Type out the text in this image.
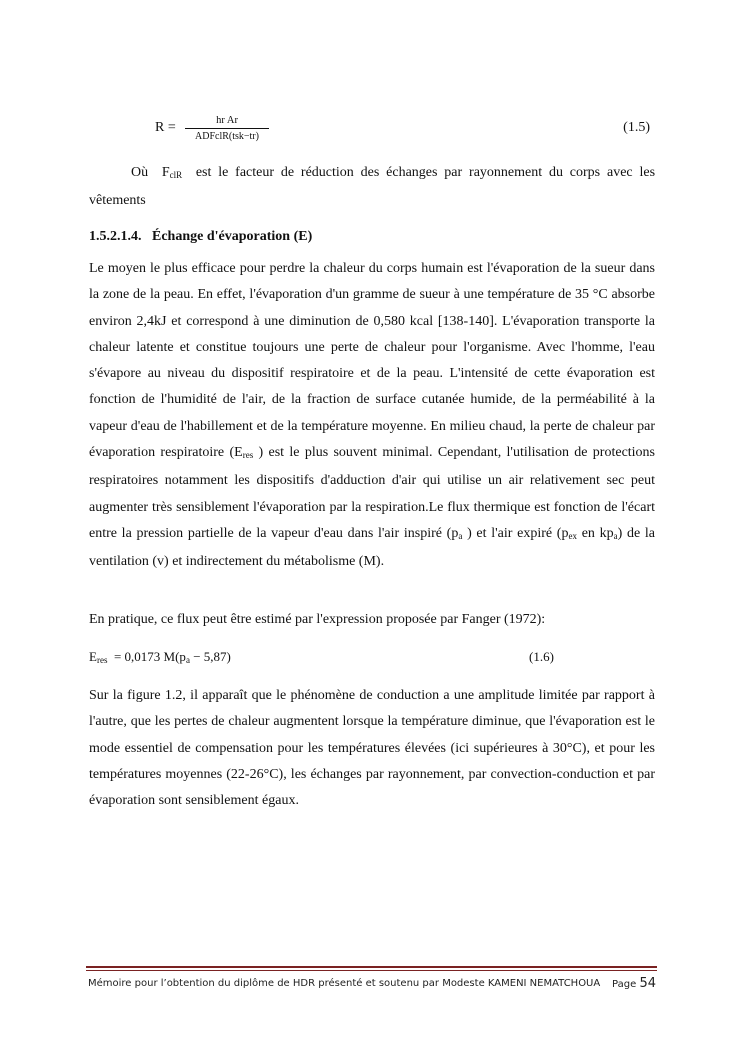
R =	hr Ar
ADFclR(tsk−tr)
(1.5)
Où $F_{clR}$ est le facteur de réduction des échanges par rayonnement du corps avec les vêtements
1.5.2.1.4. Échange d'évaporation (E)
Le moyen le plus efficace pour perdre la chaleur du corps humain est l'évaporation de la sueur dans la zone de la peau. En effet, l'évaporation d'un gramme de sueur à une température de 35 °C absorbe environ 2,4kJ et correspond à une diminution de 0,580 kcal [138-140]. L'évaporation transporte la chaleur latente et constitue toujours une perte de chaleur pour l'organisme. Avec l'homme, l'eau s'évapore au niveau du dispositif respiratoire et de la peau. L'intensité de cette évaporation est fonction de l'humidité de l'air, de la fraction de surface cutanée humide, de la perméabilité à la vapeur d'eau de l'habillement et de la température moyenne. En milieu chaud, la perte de chaleur par évaporation respiratoire ($E_{res}$ ) est le plus souvent minimal. Cependant, l'utilisation de protections respiratoires notamment les dispositifs d'adduction d'air qui utilise un air relativement sec peut augmenter très sensiblement l'évaporation par la respiration.Le flux thermique est fonction de l'écart entre la pression partielle de la vapeur d'eau dans l'air inspiré ($p_a$ ) et l'air expiré ($p_{ex}$ en $kp_a$) de la ventilation (v) et indirectement du métabolisme (M).
En pratique, ce flux peut être estimé par l'expression proposée par Fanger (1972):
$E_{res} = 0,0173$ $M(p_a - 5,87)$	(1.6)
Sur la figure 1.2, il apparaît que le phénomène de conduction a une amplitude limitée par rapport à l'autre, que les pertes de chaleur augmentent lorsque la température diminue, que l'évaporation est le mode essentiel de compensation pour les températures élevées (ici supérieures à 30°C), et pour les températures moyennes (22-26°C), les échanges par rayonnement, par convection-conduction et par évaporation sont sensiblement égaux.
Mémoire pour l’obtention du diplôme de HDR présenté et soutenu par Modeste KAMENI NEMATCHOUA Page 54
